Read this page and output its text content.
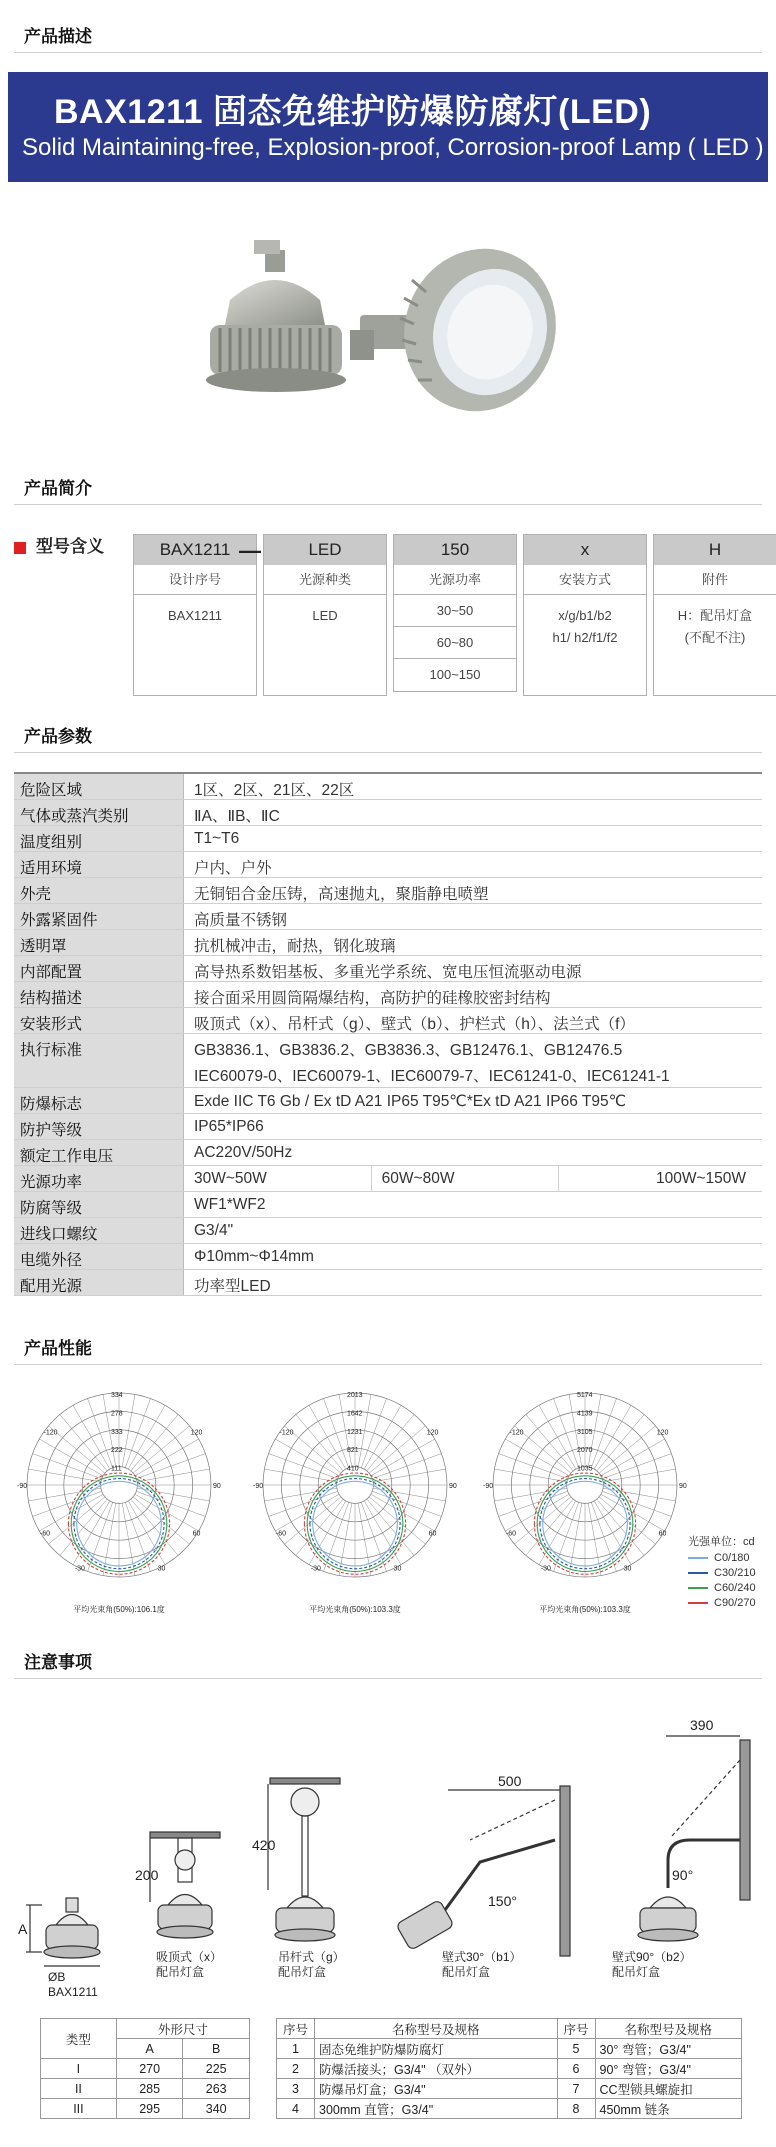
产品描述
BAX1211 固态免维护防爆防腐灯(LED)
Solid Maintaining-free, Explosion-proof, Corrosion-proof Lamp ( LED )
产品简介
型号含义	BAX1211
设计序号
BAX1211
—	LED
光源种类
LED
150
光源功率
30~50
60~80
100~150
x
安装方式
x/g/b1/b2
h1/ h2/f1/f2
H
附件
H：配吊灯盒
(不配不注)
产品参数
危险区域	1区、2区、21区、22区
气体或蒸汽类别	ⅡA、ⅡB、ⅡC
温度组别	T1~T6
适用环境	户内、户外
外壳	无铜铝合金压铸，高速抛丸，聚脂静电喷塑
外露紧固件	高质量不锈钢
透明罩	抗机械冲击，耐热，钢化玻璃
内部配置	高导热系数铝基板、多重光学系统、宽电压恒流驱动电源
结构描述	接合面采用圆筒隔爆结构，高防护的硅橡胶密封结构
安装形式	吸顶式（x）、吊杆式（g）、壁式（b）、护栏式（h）、法兰式（f）
执行标准	GB3836.1、GB3836.2、GB3836.3、GB12476.1、GB12476.5
IEC60079-0、IEC60079-1、IEC60079-7、IEC61241-0、IEC61241-1
防爆标志	Exde IIC T6 Gb / Ex tD A21 IP65 T95℃*Ex tD A21 IP66 T95℃
防护等级	IP65*IP66
额定工作电压	AC220V/50Hz
光源功率	30W~50W	60W~80W	100W~150W
防腐等级	WF1*WF2
进线口螺纹	G3/4"
电缆外径	Φ10mm~Φ14mm
配用光源	功率型LED
产品性能
334
278
333
222
111
-120	120
-90	90
-60	60
-30	30
平均光束角(50%):106.1度
2013
1642
1231
821
410
-120	120
-90	90
-60	60
-30	30
平均光束角(50%):103.3度
5174
4139
3105
2070
1035
-120	120
-90	90
-60	60
-30	30
平均光束角(50%):103.3度
光强单位：cd
C0/180
C30/210
C60/240
C90/270
注意事项
A
200
420
500
390
150°
90°
ØB
BAX1211
吸顶式（x）
配吊灯盒
吊杆式（g）
配吊灯盒
壁式30°（b1）
配吊灯盒
壁式90°（b2）
配吊灯盒
类型	外形尺寸	
	A	B
I	270	225
II	285	263
III	295	340
序号	名称型号及规格	序号	名称型号及规格
1	固态免维护防爆防腐灯	5	30° 弯管；G3/4"
2	防爆活接头；G3/4" （双外）	6	90° 弯管；G3/4"
3	防爆吊灯盒；G3/4"	7	CC型锁具螺旋扣
4	300mm 直管；G3/4"	8	450mm 链条
